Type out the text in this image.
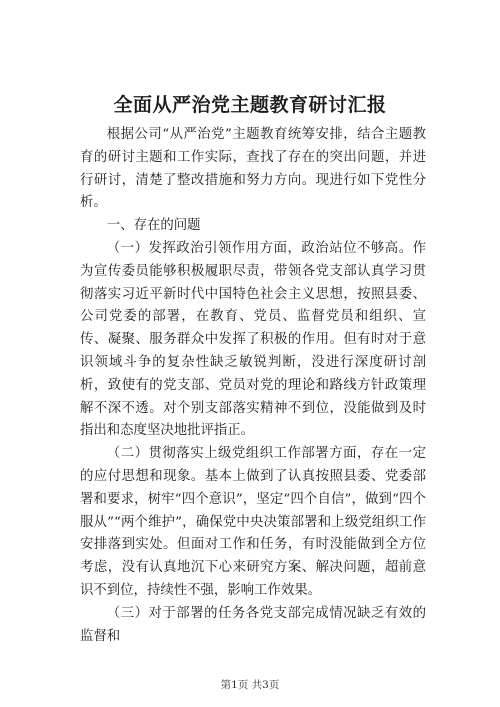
全面从严治党主题教育研讨汇报

根据公司“从严治党”主题教育统筹安排，结合主题教育的研讨主题和工作实际，查找了存在的突出问题，并进行研讨，清楚了整改措施和努力方向。现进行如下党性分析。

一、存在的问题

（一）发挥政治引领作用方面，政治站位不够高。作为宣传委员能够积极履职尽责，带领各党支部认真学习贯彻落实习近平新时代中国特色社会主义思想，按照县委、公司党委的部署，在教育、党员、监督党员和组织、宣传、凝聚、服务群众中发挥了积极的作用。但有时对于意识领域斗争的复杂性缺乏敏锐判断，没进行深度研讨剖析，致使有的党支部、党员对党的理论和路线方针政策理解不深不透。对个别支部落实精神不到位，没能做到及时指出和态度坚决地批评指正。

（二）贯彻落实上级党组织工作部署方面，存在一定的应付思想和现象。基本上做到了认真按照县委、党委部署和要求，树牢“四个意识”，坚定“四个自信”，做到“四个服从”“两个维护”，确保党中央决策部署和上级党组织工作安排落到实处。但面对工作和任务，有时没能做到全方位考虑，没有认真地沉下心来研究方案、解决问题，超前意识不到位，持续性不强，影响工作效果。

（三）对于部署的任务各党支部完成情况缺乏有效的监督和

第1页 共3页
